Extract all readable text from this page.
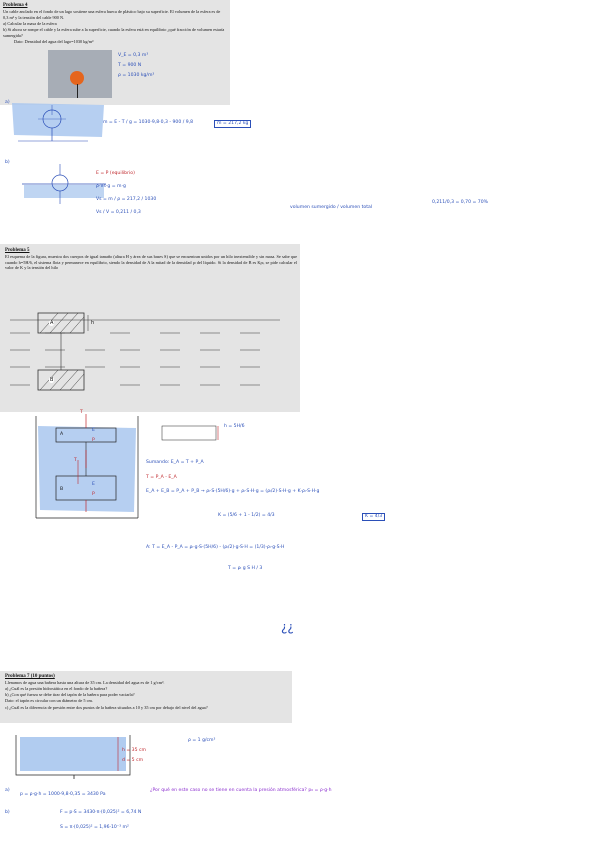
Problema 4
Un cable anclado en el fondo de un lago sostiene una esfera hueca de plástico bajo su superficie. El volumen de la esfera es de 0,3 m³ y la tensión del cable 900 N.
a) Calcular la masa de la esfera
b) Si ahora se rompe el cable y la esfera sube a la superficie, cuando la esfera está en equilibrio ¿qué fracción de volumen estaría sumergida?
Dato: Densidad del agua del lago=1030 kg/m³
V_E = 0,3 m³
T = 900 N
ρ = 1030 kg/m³
a)
m = E - T / g = 1030·9,8·0,3 - 900 / 9,8	m = 217,2 kg
b)
E = P (equilibrio)
ρ·Vs·g = m·g
Vs = m / ρ = 217,2 / 1030
Vs / V = 0,211 / 0,3
volumen sumergido / volumen total
0,211/0,3 = 0,70 = 70%
Problema 5
El esquema de la figura, muestra dos cuerpos de igual tamaño (altura H y área de sus bases S) que se encuentran unidos por un hilo inextensible y sin masa. Se sabe que cuando h=5H/6, el sistema flota y permanece en equilibrio, siendo la densidad de A la mitad de la densidad ρₗ del líquido. Si la densidad de B es Kρₗ, se pide calcular el valor de K y la tensión del hilo
A
B
h
T
E
P
E
P
T
A
B
h = 5H/6
Sumando: E_A = T + P_A
T = P_A - E_A
E_A + E_B = P_A + P_B → ρₗ·S·(5H/6)·g + ρₗ·S·H·g = (ρₗ/2)·S·H·g + K·ρₗ·S·H·g
K = (5/6 + 1 - 1/2) = 4/3	K = 4/3
A: T = E_A - P_A = ρₗ·g·S·(5H/6) - (ρₗ/2)·g·S·H = (1/3)·ρₗ·g·S·H
T = ρₗ g S H / 3
¿¿
Problema 7 (10 puntos)
Llenamos de agua una bañera hasta una altura de 35 cm. La densidad del agua es de 1 g/cm³.
a) ¿Cuál es la presión hidrostática en el fondo de la bañera?
b) ¿Con qué fuerza se debe tirar del tapón de la bañera para poder vaciarla?
Dato: el tapón es circular con un diámetro de 5 cm.
c) ¿Cuál es la diferencia de presión entre dos puntos de la bañera situados a 10 y 35 cm por debajo del nivel del agua?
h = 35 cm
d = 5 cm
ρ = 1 g/cm³
a)
p = ρ·g·h = 1000·9,8·0,35 = 3430 Pa
¿Por qué en este caso no se tiene en cuenta la presión atmosférica? p₀ = ρ·g·h
b)	F = p·S = 3430·π·(0,025)² = 6,74 N
S = π·(0,025)² = 1,96·10⁻³ m²
